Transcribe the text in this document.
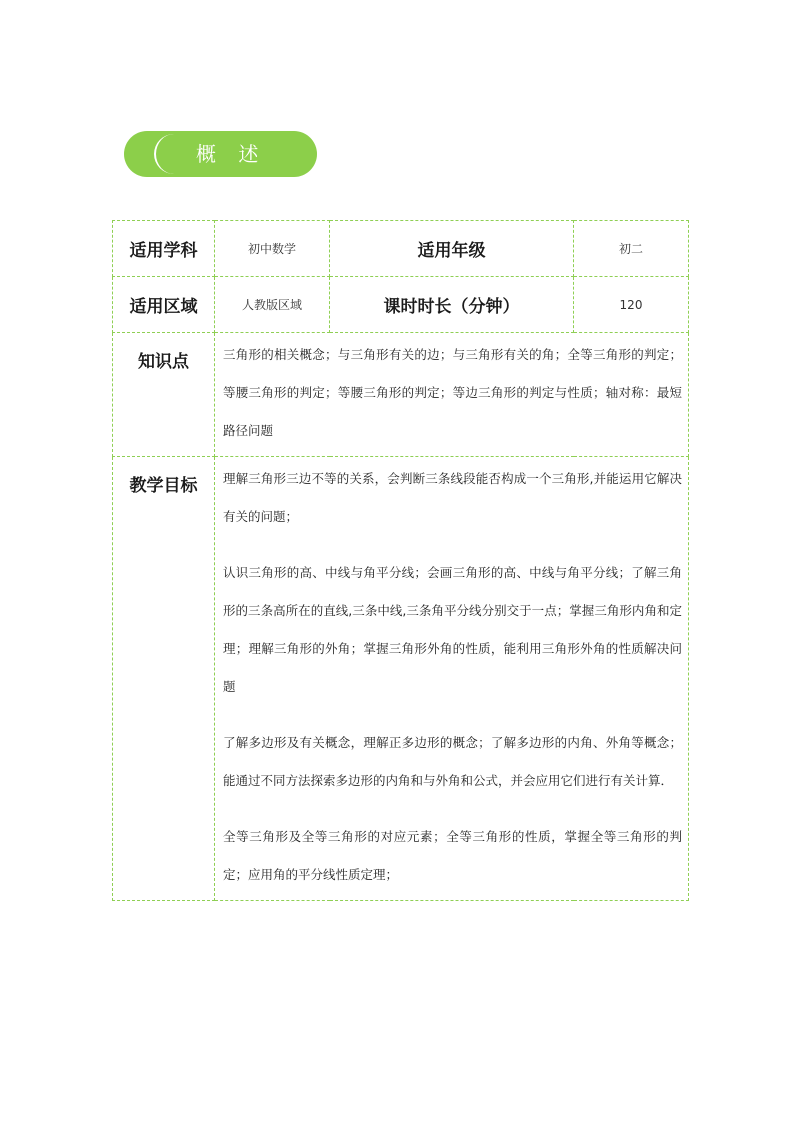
概 述
适用学科	初中数学	适用年级	初二
适用区域	人教版区域	课时时长（分钟）	120
知识点	三角形的相关概念；与三角形有关的边；与三角形有关的角；全等三角形的判定；等腰三角形的判定；等腰三角形的判定；等边三角形的判定与性质；轴对称：最短路径问题		
教学目标	理解三角形三边不等的关系，会判断三条线段能否构成一个三角形,并能运用它解决有关的问题；

认识三角形的高、中线与角平分线；会画三角形的高、中线与角平分线；了解三角形的三条高所在的直线,三条中线,三条角平分线分别交于一点；掌握三角形内角和定理；理解三角形的外角；掌握三角形外角的性质，能利用三角形外角的性质解决问题

了解多边形及有关概念，理解正多边形的概念；了解多边形的内角、外角等概念；能通过不同方法探索多边形的内角和与外角和公式，并会应用它们进行有关计算．

全等三角形及全等三角形的对应元素；全等三角形的性质，掌握全等三角形的判定；应用角的平分线性质定理；		
